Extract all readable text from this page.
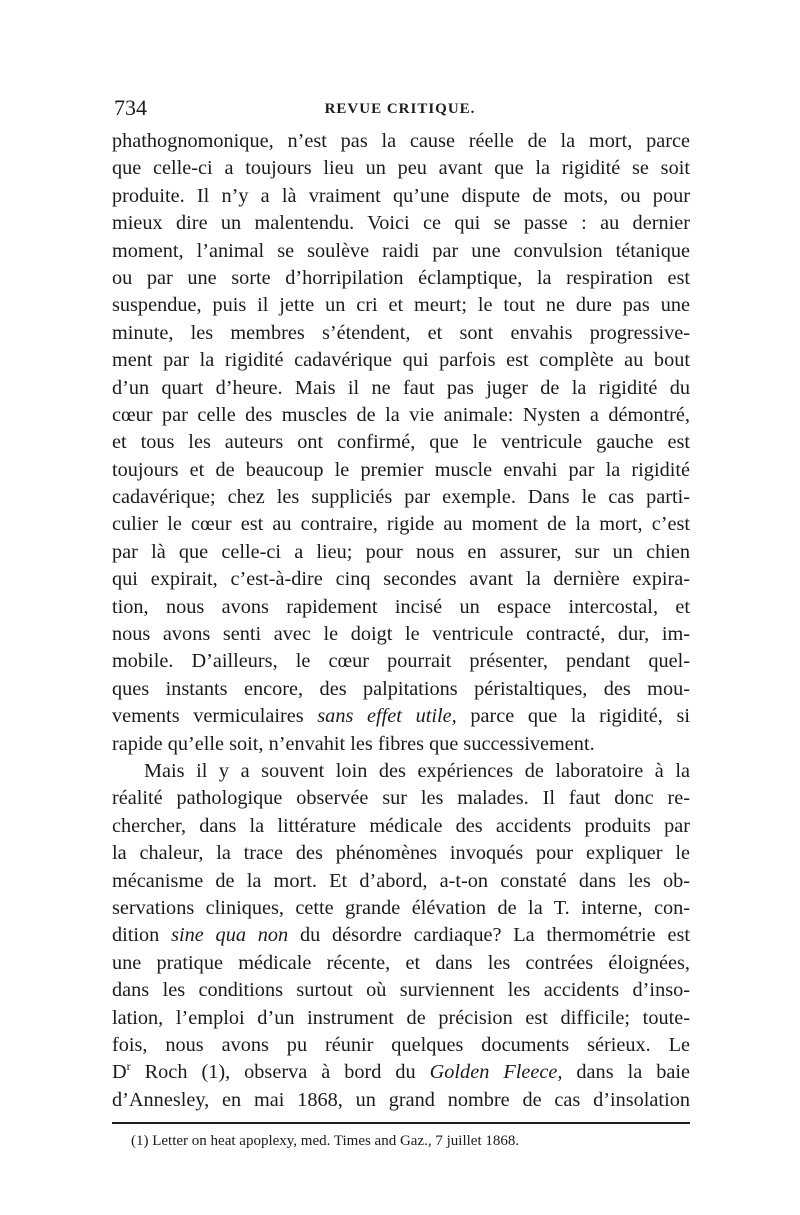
734	REVUE CRITIQUE.
phathognomonique, n’est pas la cause réelle de la mort, parce
que celle-ci a toujours lieu un peu avant que la rigidité se soit
produite. Il n’y a là vraiment qu’une dispute de mots, ou pour
mieux dire un malentendu. Voici ce qui se passe : au dernier
moment, l’animal se soulève raidi par une convulsion tétanique
ou par une sorte d’horripilation éclamptique, la respiration est
suspendue, puis il jette un cri et meurt; le tout ne dure pas une
minute, les membres s’étendent, et sont envahis progressive-
ment par la rigidité cadavérique qui parfois est complète au bout
d’un quart d’heure. Mais il ne faut pas juger de la rigidité du
cœur par celle des muscles de la vie animale: Nysten a démontré,
et tous les auteurs ont confirmé, que le ventricule gauche est
toujours et de beaucoup le premier muscle envahi par la rigidité
cadavérique; chez les suppliciés par exemple. Dans le cas parti-
culier le cœur est au contraire, rigide au moment de la mort, c’est
par là que celle-ci a lieu; pour nous en assurer, sur un chien
qui expirait, c’est-à-dire cinq secondes avant la dernière expira-
tion, nous avons rapidement incisé un espace intercostal, et
nous avons senti avec le doigt le ventricule contracté, dur, im-
mobile. D’ailleurs, le cœur pourrait présenter, pendant quel-
ques instants encore, des palpitations péristaltiques, des mou-
vements vermiculaires sans effet utile, parce que la rigidité, si
rapide qu’elle soit, n’envahit les fibres que successivement.
Mais il y a souvent loin des expériences de laboratoire à la
réalité pathologique observée sur les malades. Il faut donc re-
chercher, dans la littérature médicale des accidents produits par
la chaleur, la trace des phénomènes invoqués pour expliquer le
mécanisme de la mort. Et d’abord, a-t-on constaté dans les ob-
servations cliniques, cette grande élévation de la T. interne, con-
dition sine qua non du désordre cardiaque? La thermométrie est
une pratique médicale récente, et dans les contrées éloignées,
dans les conditions surtout où surviennent les accidents d’inso-
lation, l’emploi d’un instrument de précision est difficile; toute-
fois, nous avons pu réunir quelques documents sérieux. Le
$D^r$ Roch (1), observa à bord du Golden Fleece, dans la baie
d’Annesley, en mai 1868, un grand nombre de cas d’insolation
(1) Letter on heat apoplexy, med. Times and Gaz., 7 juillet 1868.
